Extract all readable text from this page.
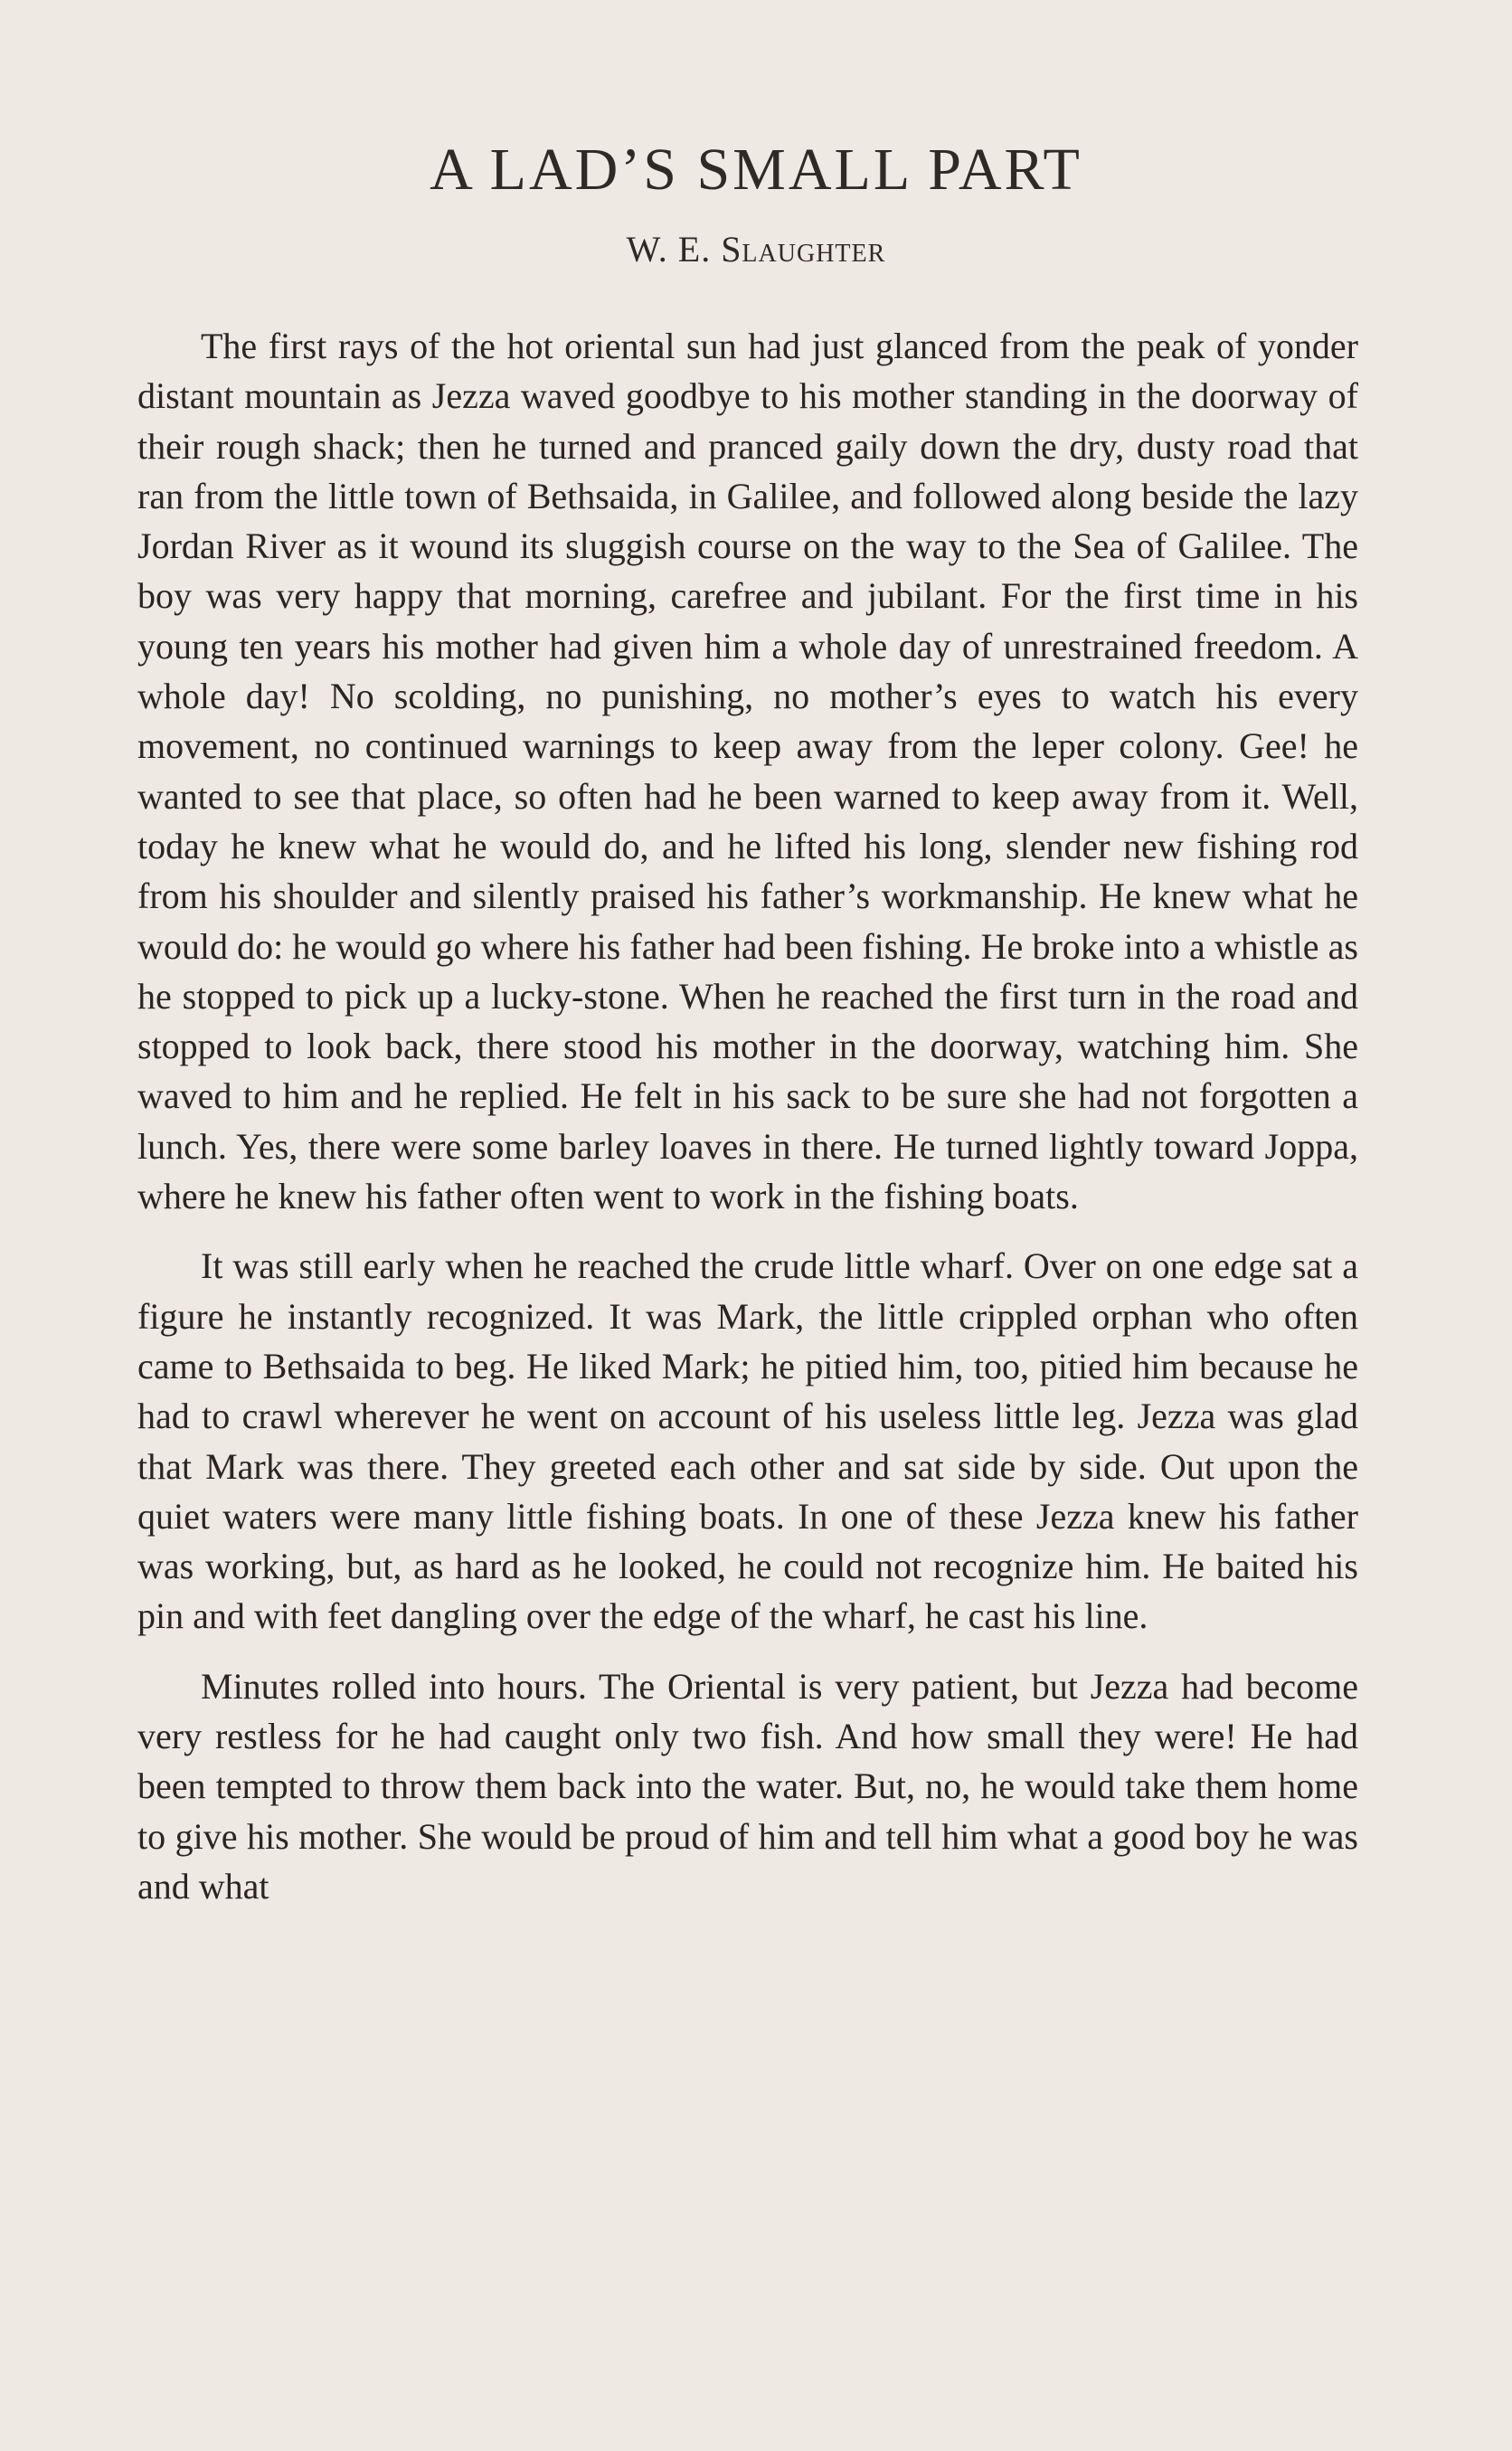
A LAD’S SMALL PART
W. E. Slaughter

The first rays of the hot oriental sun had just glanced from the peak of yonder distant mountain as Jezza waved goodbye to his mother standing in the doorway of their rough shack; then he turned and pranced gaily down the dry, dusty road that ran from the little town of Bethsaida, in Galilee, and followed along beside the lazy Jordan River as it wound its sluggish course on the way to the Sea of Galilee. The boy was very happy that morning, carefree and jubilant. For the first time in his young ten years his mother had given him a whole day of unrestrained freedom. A whole day! No scolding, no punishing, no mother’s eyes to watch his every movement, no continued warnings to keep away from the leper colony. Gee! he wanted to see that place, so often had he been warned to keep away from it. Well, today he knew what he would do, and he lifted his long, slender new fishing rod from his shoulder and silently praised his father’s workmanship. He knew what he would do: he would go where his father had been fishing. He broke into a whistle as he stopped to pick up a lucky-stone. When he reached the first turn in the road and stopped to look back, there stood his mother in the doorway, watching him. She waved to him and he replied. He felt in his sack to be sure she had not forgotten a lunch. Yes, there were some barley loaves in there. He turned lightly toward Joppa, where he knew his father often went to work in the fishing boats.

It was still early when he reached the crude little wharf. Over on one edge sat a figure he instantly recognized. It was Mark, the little crippled orphan who often came to Bethsaida to beg. He liked Mark; he pitied him, too, pitied him because he had to crawl wherever he went on account of his useless little leg. Jezza was glad that Mark was there. They greeted each other and sat side by side. Out upon the quiet waters were many little fishing boats. In one of these Jezza knew his father was working, but, as hard as he looked, he could not recognize him. He baited his pin and with feet dangling over the edge of the wharf, he cast his line.

Minutes rolled into hours. The Oriental is very patient, but Jezza had become very restless for he had caught only two fish. And how small they were! He had been tempted to throw them back into the water. But, no, he would take them home to give his mother. She would be proud of him and tell him what a good boy he was and what
